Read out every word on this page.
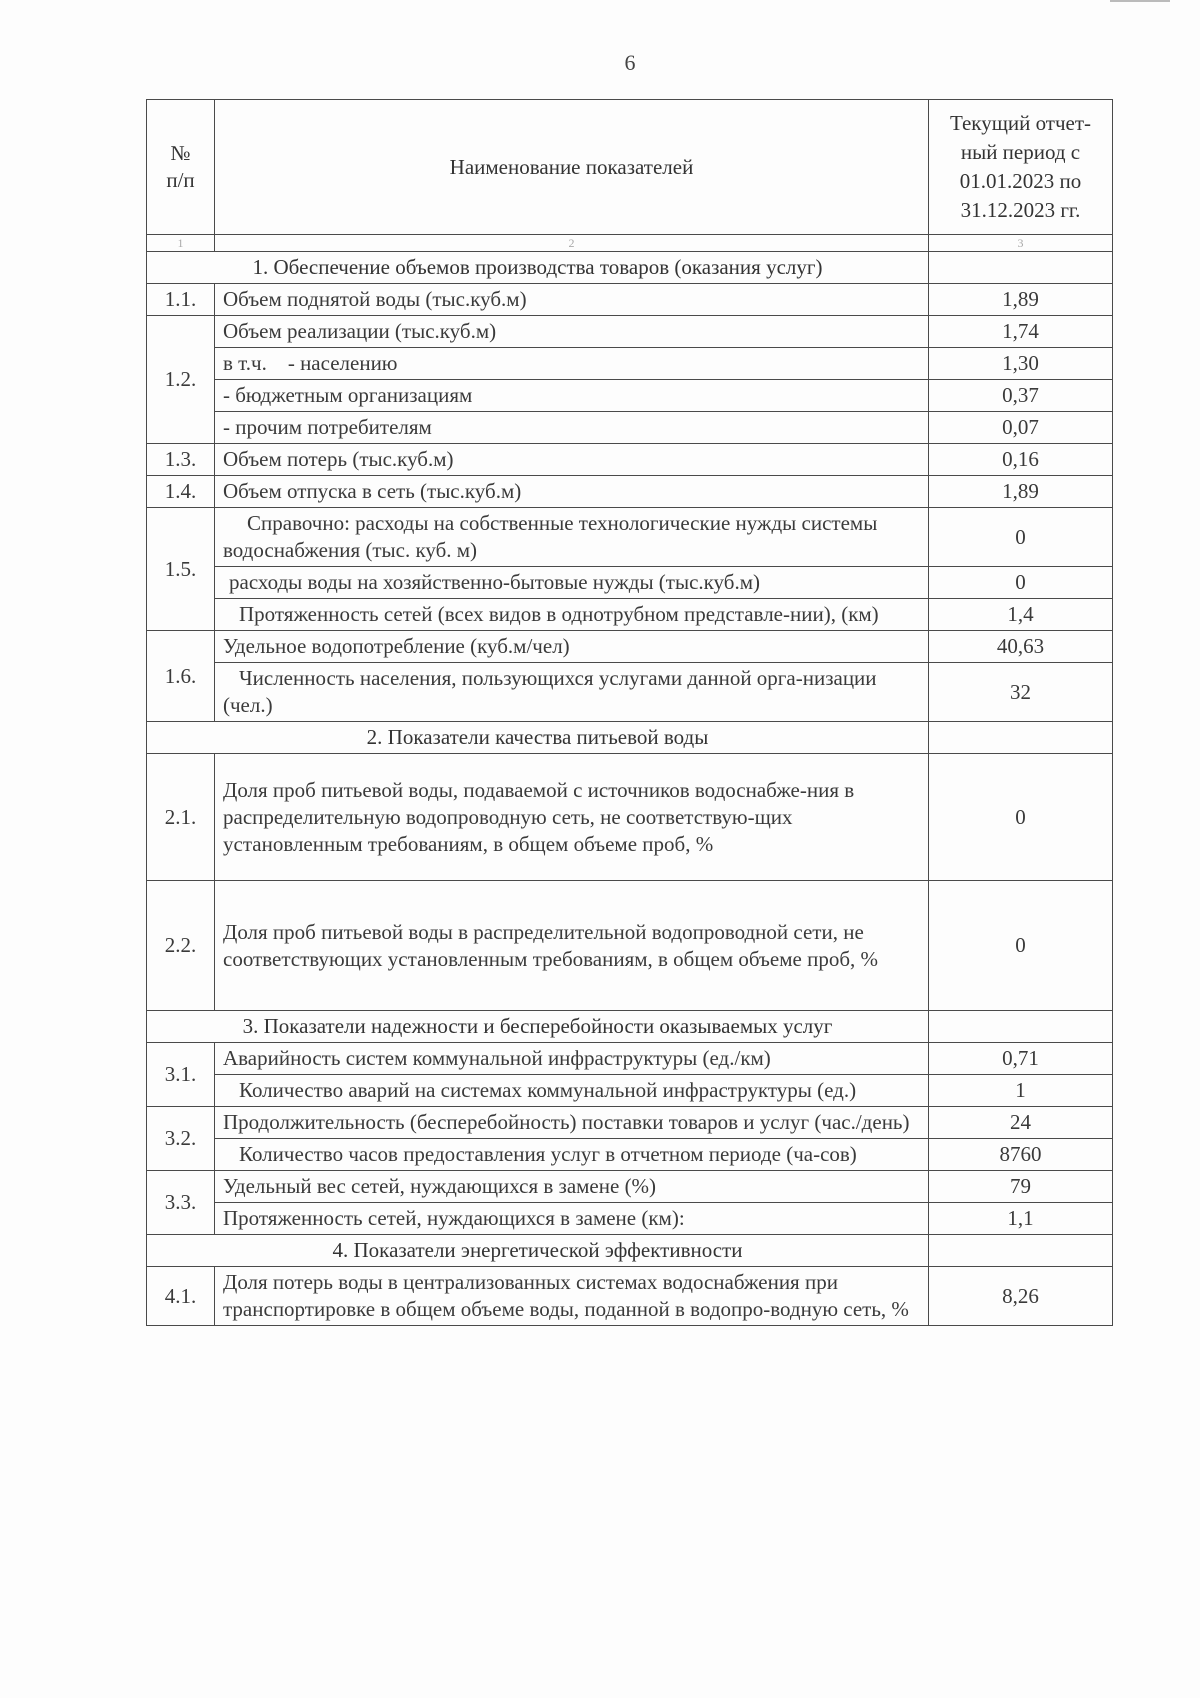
6
№
п/п	Наименование показателей	Текущий отчет-
ный период с
01.01.2023 по
31.12.2023 гг.
1	2	3
1. Обеспечение объемов производства товаров (оказания услуг)		
1.1.	Объем поднятой воды (тыс.куб.м)	1,89
1.2.	Объем реализации (тыс.куб.м)	1,74
	в т.ч.    - населению	1,30
	- бюджетным организациям	0,37
	- прочим потребителям	0,07
1.3.	Объем потерь (тыс.куб.м)	0,16
1.4.	Объем отпуска в сеть (тыс.куб.м)	1,89
1.5.	Справочно: расходы на собственные технологические нужды системы водоснабжения (тыс. куб. м)	0
	расходы воды на хозяйственно-бытовые нужды (тыс.куб.м)	0
	Протяженность сетей (всех видов в однотрубном представле-нии), (км)	1,4
1.6.	Удельное водопотребление (куб.м/чел)	40,63
	Численность населения, пользующихся услугами данной орга-низации (чел.)	32
2. Показатели качества питьевой воды		
2.1.	Доля проб питьевой воды, подаваемой с источников водоснабже-ния в распределительную водопроводную сеть, не соответствую-щих установленным требованиям, в общем объеме проб, %	0
2.2.	Доля проб питьевой воды в распределительной водопроводной сети, не соответствующих установленным требованиям, в общем объеме проб, %	0
3. Показатели надежности и бесперебойности оказываемых услуг		
3.1.	Аварийность систем коммунальной инфраструктуры (ед./км)	0,71
	Количество аварий на системах коммунальной инфраструктуры (ед.)	1
3.2.	Продолжительность (бесперебойность) поставки товаров и услуг (час./день)	24
	Количество часов предоставления услуг в отчетном периоде (ча-сов)	8760
3.3.	Удельный вес сетей, нуждающихся в замене (%)	79
	Протяженность сетей, нуждающихся в замене (км):	1,1
4. Показатели энергетической эффективности		
4.1.	Доля потерь воды в централизованных системах водоснабжения при транспортировке в общем объеме воды, поданной в водопро-водную сеть, %	8,26
